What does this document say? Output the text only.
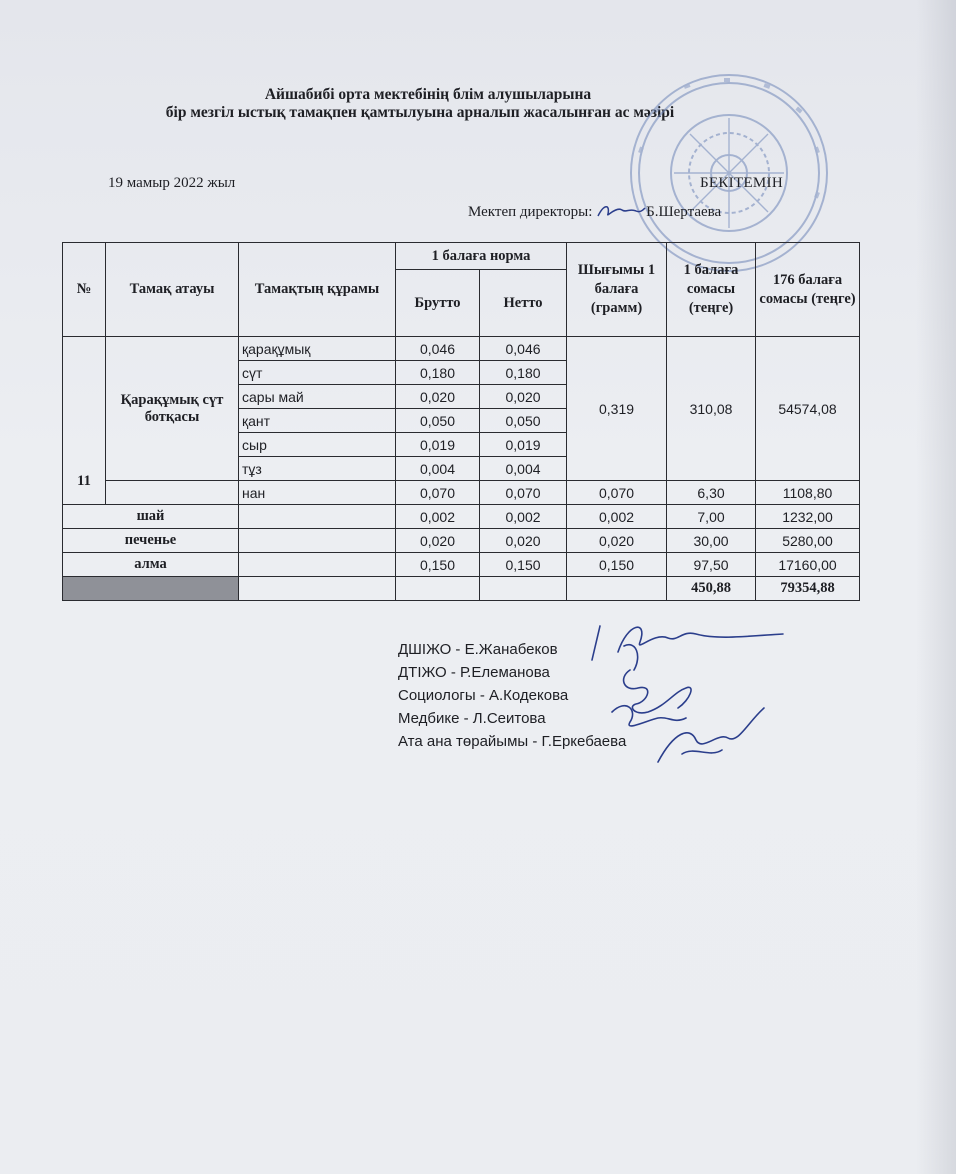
Айшабибі орта мектебінің блім алушыларына
бір мезгіл ыстық тамақпен қамтылуына арналып жасалынған ас мәзірі
19 мамыр 2022 жыл	БЕКІТЕМІН
Мектеп директоры:	Б.Шертаева
№	Тамақ атауы	Тамақтың құрамы	1 балаға норма		Шығымы 1 балаға (грамм)	1 балаға сомасы (теңге)	176 балаға сомасы (теңге)
			Брутто	Нетто			
11	Қарақұмық сүт ботқасы	қарақұмық	0,046	0,046	0,319	310,08	54574,08
		сүт	0,180	0,180			
		сары май	0,020	0,020			
		қант	0,050	0,050			
		сыр	0,019	0,019			
		тұз	0,004	0,004			
		нан	0,070	0,070	0,070	6,30	1108,80
шай			0,002	0,002	0,002	7,00	1232,00
печенье			0,020	0,020	0,020	30,00	5280,00
алма			0,150	0,150	0,150	97,50	17160,00
						450,88	79354,88
ДШІЖО - Е.Жанабеков
ДТІЖО - Р.Елеманова
Социологы - А.Кодекова
Медбике - Л.Сеитова
Ата ана төрайымы - Г.Еркебаева
